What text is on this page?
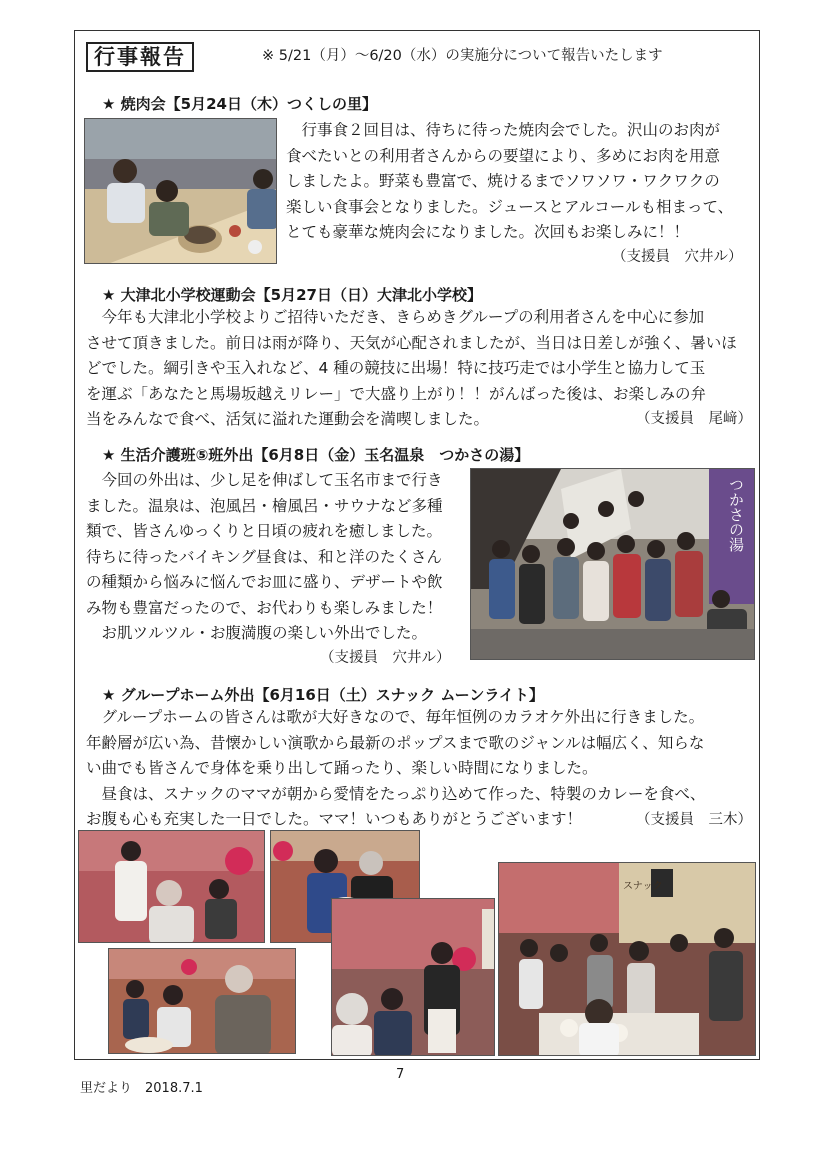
行事報告	※ 5/21（月）～6/20（水）の実施分について報告いたします
★ 焼肉会【5月24日（木）つくしの里】

　行事食２回目は、待ちに待った焼肉会でした。沢山のお肉が

食べたいとの利用者さんからの要望により、多めにお肉を用意

しましたよ。野菜も豊富で、焼けるまでソワソワ・ワクワクの

楽しい食事会となりました。ジュースとアルコールも相まって、

とても豪華な焼肉会になりました。次回もお楽しみに！！

（支援員　穴井ル）
★ 大津北小学校運動会【5月27日（日）大津北小学校】

　今年も大津北小学校よりご招待いただき、きらめきグループの利用者さんを中心に参加

させて頂きました。前日は雨が降り、天気が心配されましたが、当日は日差しが強く、暑いほ

どでした。綱引きや玉入れなど、4 種の競技に出場！特に技巧走では小学生と協力して玉

を運ぶ「あなたと馬場坂越えリレー」で大盛り上がり！！がんばった後は、お楽しみの弁

当をみんなで食べ、活気に溢れた運動会を満喫しました。	（支援員　尾﨑）
★ 生活介護班⑤班外出【6月8日（金）玉名温泉　つかさの湯】

　今回の外出は、少し足を伸ばして玉名市まで行き

ました。温泉は、泡風呂・檜風呂・サウナなど多種

類で、皆さんゆっくりと日頃の疲れを癒しました。

待ちに待ったバイキング昼食は、和と洋のたくさん

の種類から悩みに悩んでお皿に盛り、デザートや飲

み物も豊富だったので、お代わりも楽しみました！

　お肌ツルツル・お腹満腹の楽しい外出でした。

（支援員　穴井ル）
つかさの湯
★ グループホーム外出【6月16日（土）スナック ムーンライト】

　グループホームの皆さんは歌が大好きなので、毎年恒例のカラオケ外出に行きました。

年齢層が広い為、昔懐かしい演歌から最新のポップスまで歌のジャンルは幅広く、知らな

い曲でも皆さんで身体を乗り出して踊ったり、楽しい時間になりました。

　昼食は、スナックのママが朝から愛情をたっぷり込めて作った、特製のカレーを食べ、

お腹も心も充実した一日でした。ママ！いつもありがとうございます！	（支援員　三木）
スナック
7
里だより　2018.7.1
